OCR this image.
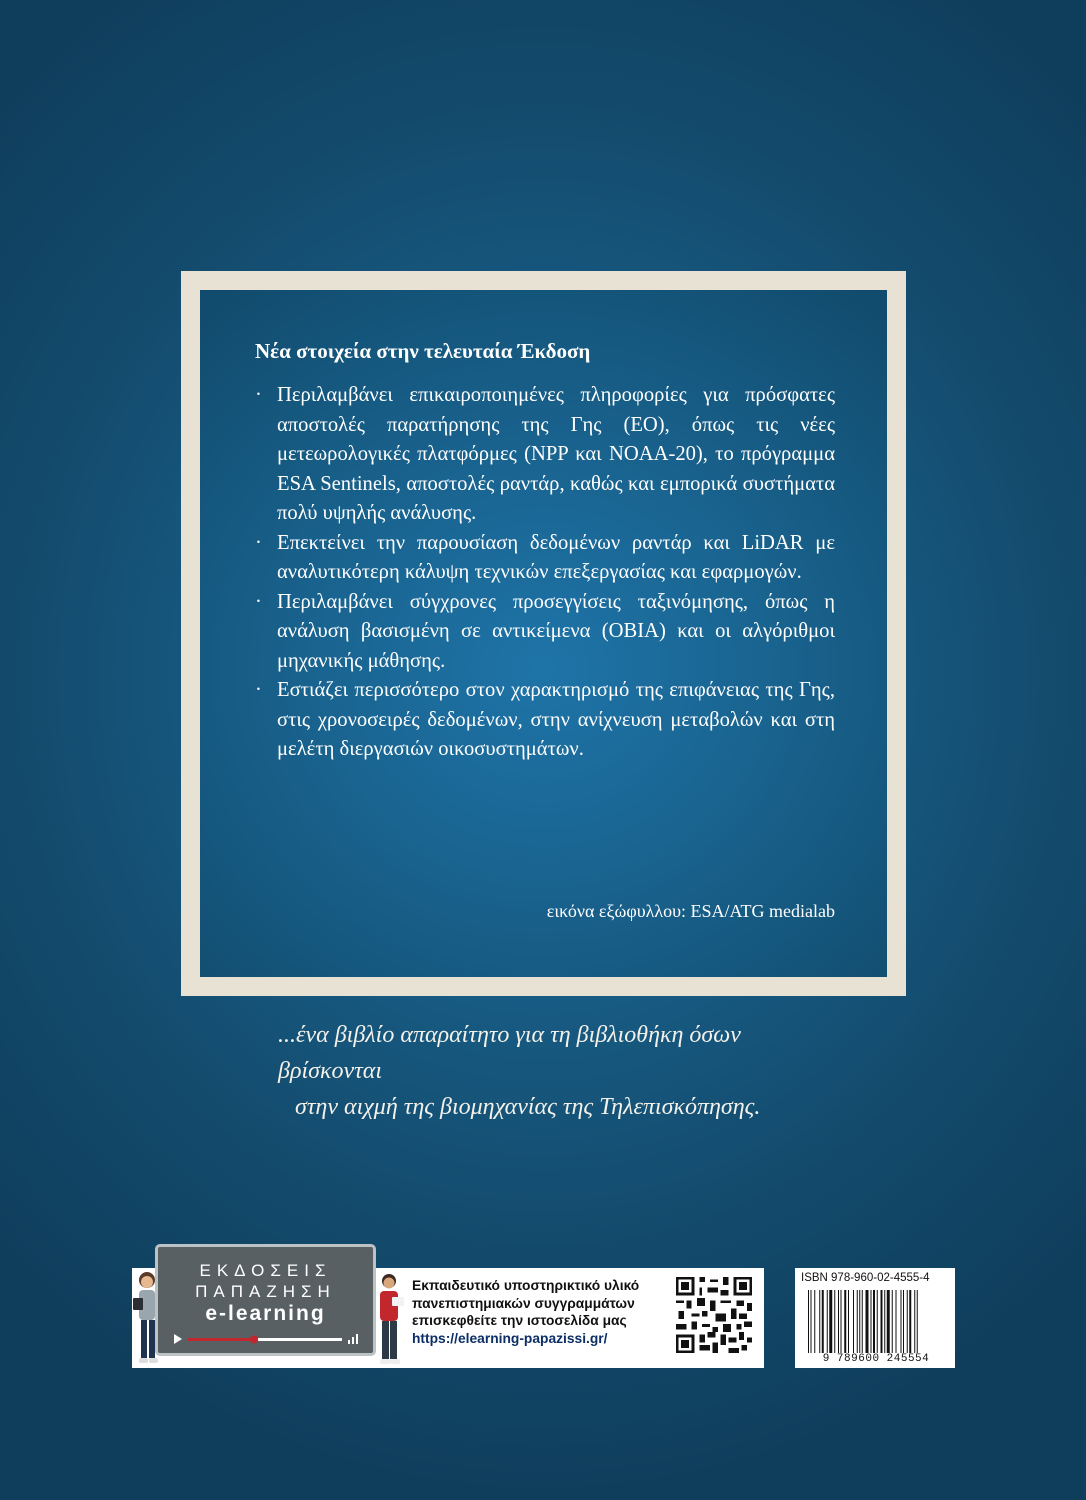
Νέα στοιχεία στην τελευταία Έκδοση
· Περιλαμβάνει επικαιροποιημένες πληροφορίες για πρόσφατες αποστολές παρατήρησης της Γης (EO), όπως τις νέες μετεωρολογικές πλατφόρμες (NPP και NOAA-20), το πρόγραμμα ESA Sentinels, αποστολές ραντάρ, καθώς και εμπορικά συστήματα πολύ υψηλής ανάλυσης.
· Επεκτείνει την παρουσίαση δεδομένων ραντάρ και LiDAR με αναλυτικότερη κάλυψη τεχνικών επεξεργασίας και εφαρμογών.
· Περιλαμβάνει σύγχρονες προσεγγίσεις ταξινόμησης, όπως η ανάλυση βασισμένη σε αντικείμενα (OBIA) και οι αλγόριθμοι μηχανικής μάθησης.
· Εστιάζει περισσότερο στον χαρακτηρισμό της επιφάνειας της Γης, στις χρονοσειρές δεδομένων, στην ανίχνευση μεταβολών και στη μελέτη διεργασιών οικοσυστημάτων.
εικόνα εξώφυλλου: ESA/ATG medialab
...ένα βιβλίο απαραίτητο για τη βιβλιοθήκη όσων βρίσκονται
στην αιχμή της βιομηχανίας της Τηλεπισκόπησης.
ΕΚΔΟΣΕΙΣ
ΠΑΠΑΖΗΣΗ
e-learning
Εκπαιδευτικό υποστηρικτικό υλικό
πανεπιστημιακών συγγραμμάτων
επισκεφθείτε την ιστοσελίδα μας
https://elearning-papazissi.gr/
ISBN 978-960-02-4555-4
9 789600 245554
